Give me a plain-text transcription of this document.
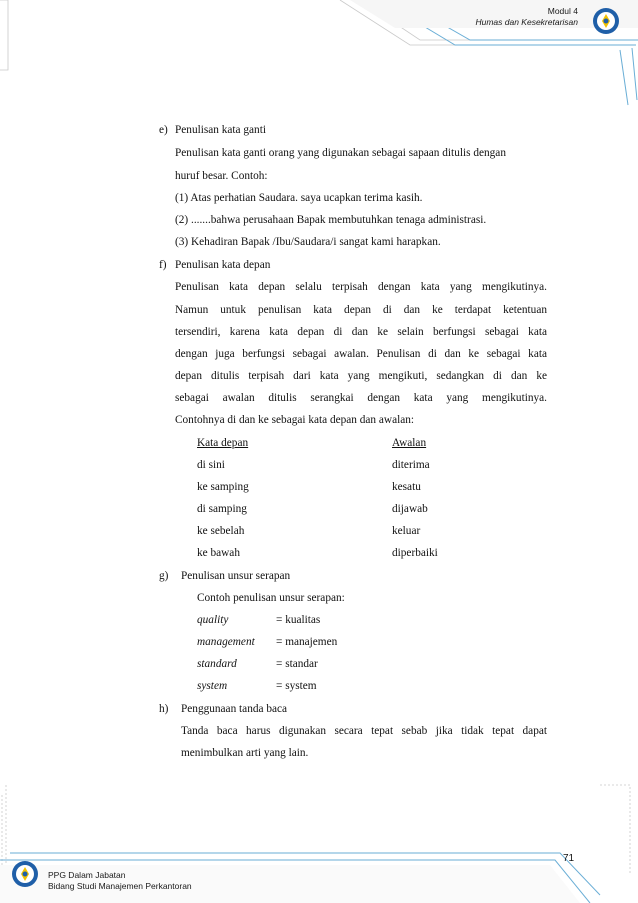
Modul 4
Humas dan Kesekretarisan
e) Penulisan kata ganti
Penulisan kata ganti orang yang digunakan sebagai sapaan ditulis dengan
huruf besar. Contoh:
(1) Atas perhatian Saudara. saya ucapkan terima kasih.
(2) .......bahwa perusahaan Bapak membutuhkan tenaga administrasi.
(3) Kehadiran Bapak /Ibu/Saudara/i sangat kami harapkan.
f) Penulisan kata depan
Penulisan kata depan selalu terpisah dengan kata yang mengikutinya.
Namun untuk penulisan kata depan di dan ke terdapat ketentuan
tersendiri, karena kata depan di dan ke selain berfungsi sebagai kata
dengan juga berfungsi sebagai awalan. Penulisan di dan ke sebagai kata
depan ditulis terpisah dari kata yang mengikuti, sedangkan di dan ke
sebagai awalan ditulis serangkai dengan kata yang mengikutinya.
Contohnya di dan ke sebagai kata depan dan awalan:
Kata depan	Awalan
di sini	diterima
ke samping	kesatu
di samping	dijawab
ke sebelah	keluar
ke bawah	diperbaiki
g) Penulisan unsur serapan
Contoh penulisan unsur serapan:
quality	= kualitas
management = manajemen
standard	= standar
system	= system
h) Penggunaan tanda baca
Tanda baca harus digunakan secara tepat sebab jika tidak tepat dapat
menimbulkan arti yang lain.
PPG Dalam Jabatan
Bidang Studi Manajemen Perkantoran
71
